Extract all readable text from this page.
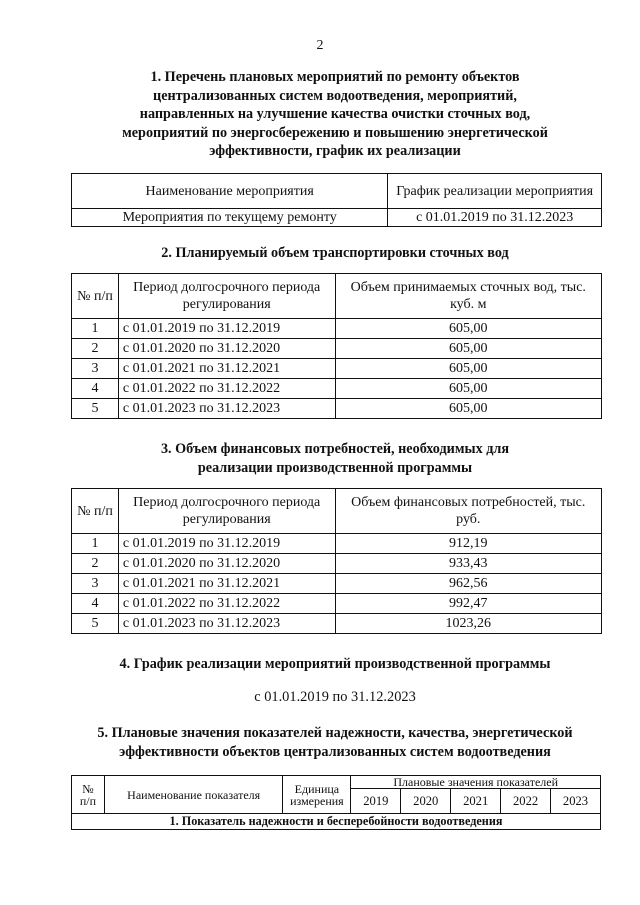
2
1. Перечень плановых мероприятий по ремонту объектов
централизованных систем водоотведения, мероприятий,
направленных на улучшение качества очистки сточных вод,
мероприятий по энергосбережению и повышению энергетической
эффективности, график их реализации
Наименование мероприятия	График реализации мероприятия
Мероприятия по текущему ремонту	с 01.01.2019 по 31.12.2023
2. Планируемый объем транспортировки сточных вод
№ п/п	Период долгосрочного периода регулирования	Объем принимаемых сточных вод, тыс. куб. м
1	с 01.01.2019 по 31.12.2019	605,00
2	с 01.01.2020 по 31.12.2020	605,00
3	с 01.01.2021 по 31.12.2021	605,00
4	с 01.01.2022 по 31.12.2022	605,00
5	с 01.01.2023 по 31.12.2023	605,00
3. Объем финансовых потребностей, необходимых для
реализации производственной программы
№ п/п	Период долгосрочного периода регулирования	Объем финансовых потребностей, тыс. руб.
1	с 01.01.2019 по 31.12.2019	912,19
2	с 01.01.2020 по 31.12.2020	933,43
3	с 01.01.2021 по 31.12.2021	962,56
4	с 01.01.2022 по 31.12.2022	992,47
5	с 01.01.2023 по 31.12.2023	1023,26
4. График реализации мероприятий производственной программы
с 01.01.2019 по 31.12.2023
5. Плановые значения показателей надежности, качества, энергетической
эффективности объектов централизованных систем водоотведения
№ п/п	Наименование показателя	Единица измерения	Плановые значения показателей				
			2019	2020	2021	2022	2023
1. Показатель надежности и бесперебойности водоотведения							
